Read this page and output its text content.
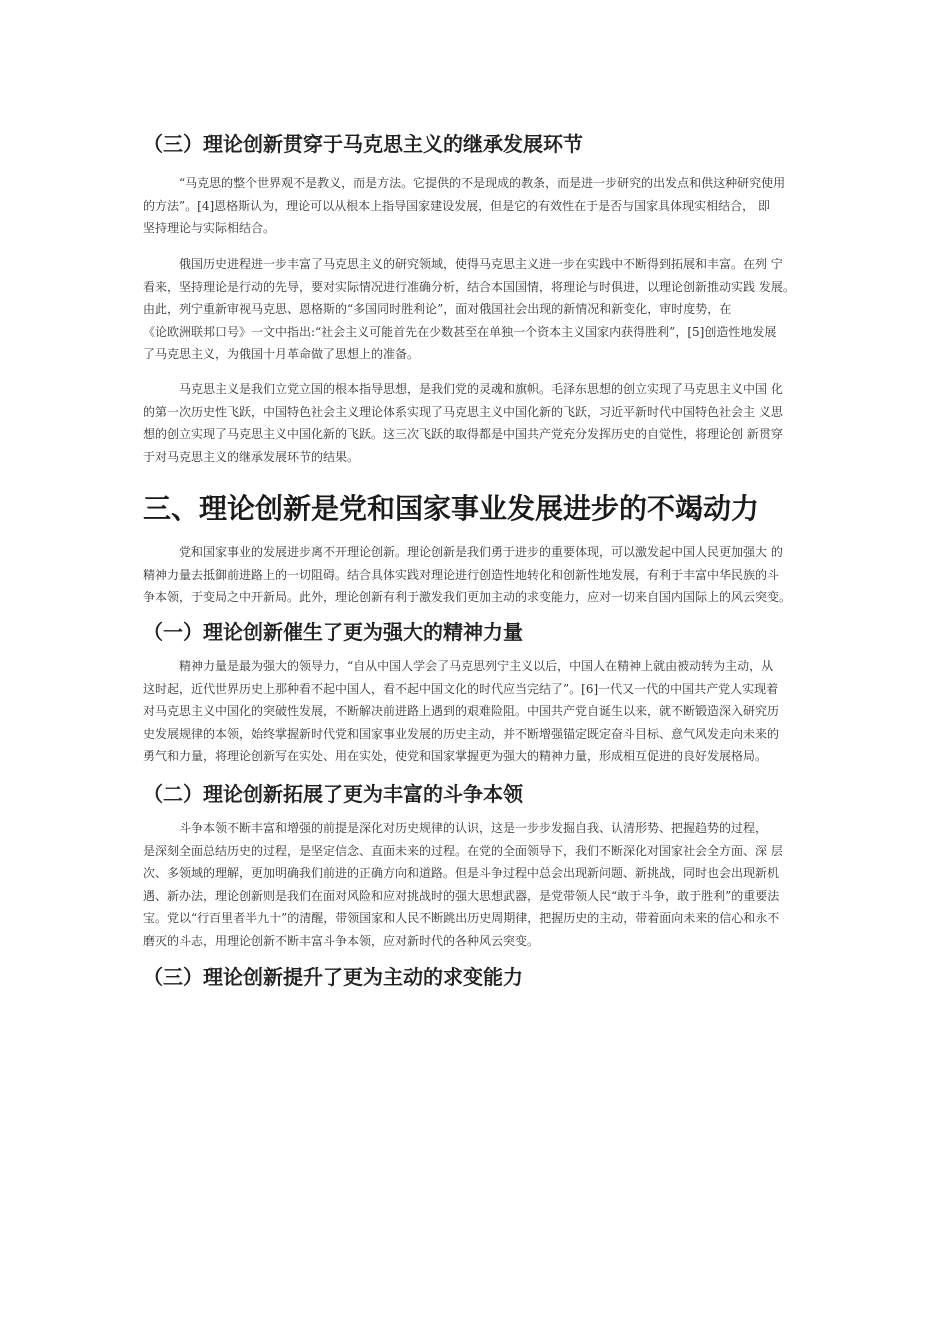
（三）理论创新贯穿于马克思主义的继承发展环节
“马克思的整个世界观不是教义，而是方法。它提供的不是现成的教条，而是进一步研究的出发点和供这种研究使用
的方法”。[4]恩格斯认为，理论可以从根本上指导国家建设发展，但是它的有效性在于是否与国家具体现实相结合， 即
坚持理论与实际相结合。
俄国历史进程进一步丰富了马克思主义的研究领域，使得马克思主义进一步在实践中不断得到拓展和丰富。在列 宁
看来，坚持理论是行动的先导，要对实际情况进行准确分析，结合本国国情，将理论与时俱进，以理论创新推动实践 发展。
由此，列宁重新审视马克思、恩格斯的“多国同时胜利论”，面对俄国社会出现的新情况和新变化，审时度势，在
《论欧洲联邦口号》一文中指出:“社会主义可能首先在少数甚至在单独一个资本主义国家内获得胜利”，[5]创造性地发展
了马克思主义，为俄国十月革命做了思想上的准备。
马克思主义是我们立党立国的根本指导思想，是我们党的灵魂和旗帜。毛泽东思想的创立实现了马克思主义中国 化
的第一次历史性飞跃，中国特色社会主义理论体系实现了马克思主义中国化新的飞跃，习近平新时代中国特色社会主 义思
想的创立实现了马克思主义中国化新的飞跃。这三次飞跃的取得都是中国共产党充分发挥历史的自觉性，将理论创 新贯穿
于对马克思主义的继承发展环节的结果。
三、理论创新是党和国家事业发展进步的不竭动力
党和国家事业的发展进步离不开理论创新。理论创新是我们勇于进步的重要体现，可以激发起中国人民更加强大 的
精神力量去抵御前进路上的一切阻碍。结合具体实践对理论进行创造性地转化和创新性地发展，有利于丰富中华民族的斗
争本领，于变局之中开新局。此外，理论创新有利于激发我们更加主动的求变能力，应对一切来自国内国际上的风云突变。
（一）理论创新催生了更为强大的精神力量
精神力量是最为强大的领导力，“自从中国人学会了马克思列宁主义以后，中国人在精神上就由被动转为主动，从
这时起，近代世界历史上那种看不起中国人，看不起中国文化的时代应当完结了”。[6]一代又一代的中国共产党人实现着
对马克思主义中国化的突破性发展，不断解决前进路上遇到的艰难险阻。中国共产党自诞生以来，就不断锻造深入研究历
史发展规律的本领，始终掌握新时代党和国家事业发展的历史主动，并不断增强锚定既定奋斗目标、意气风发走向未来的
勇气和力量，将理论创新写在实处、用在实处，使党和国家掌握更为强大的精神力量，形成相互促进的良好发展格局。
（二）理论创新拓展了更为丰富的斗争本领
斗争本领不断丰富和增强的前提是深化对历史规律的认识，这是一步步发掘自我、认清形势、把握趋势的过程，
是深刻全面总结历史的过程，是坚定信念、直面未来的过程。在党的全面领导下，我们不断深化对国家社会全方面、深 层
次、多领域的理解，更加明确我们前进的正确方向和道路。但是斗争过程中总会出现新问题、新挑战，同时也会出现新机
遇、新办法，理论创新则是我们在面对风险和应对挑战时的强大思想武器，是党带领人民“敢于斗争，敢于胜利”的重要法
宝。党以“行百里者半九十”的清醒，带领国家和人民不断跳出历史周期律，把握历史的主动，带着面向未来的信心和永不
磨灭的斗志，用理论创新不断丰富斗争本领，应对新时代的各种风云突变。
（三）理论创新提升了更为主动的求变能力
